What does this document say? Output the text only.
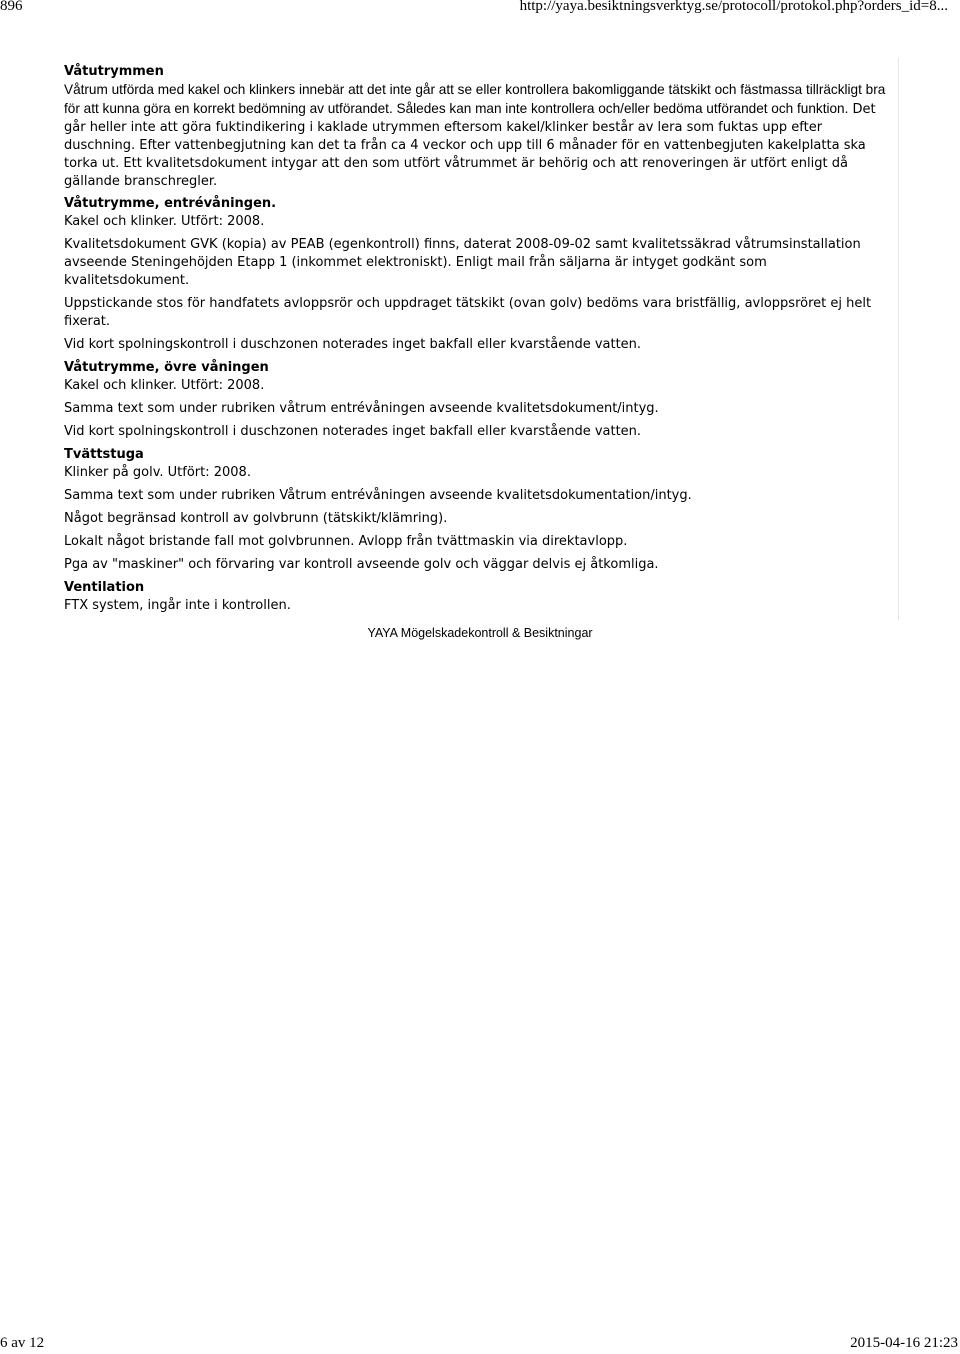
896	http://yaya.besiktningsverktyg.se/protocoll/protokol.php?orders_id=8...
Våtutrymmen
Våtrum utförda med kakel och klinkers innebär att det inte går att se eller kontrollera bakomliggande tätskikt och fästmassa tillräckligt bra för att kunna göra en korrekt bedömning av utförandet. Således kan man inte kontrollera och/eller bedöma utförandet och funktion. Det går heller inte att göra fuktindikering i kaklade utrymmen eftersom kakel/klinker består av lera som fuktas upp efter duschning. Efter vattenbegjutning kan det ta från ca 4 veckor och upp till 6 månader för en vattenbegjuten kakelplatta ska torka ut. Ett kvalitetsdokument intygar att den som utfört våtrummet är behörig och att renoveringen är utfört enligt då gällande branschregler.
Våtutrymme, entrévåningen.

Kakel och klinker. Utfört: 2008.

Kvalitetsdokument GVK (kopia) av PEAB (egenkontroll) finns, daterat 2008-09-02 samt kvalitetssäkrad våtrumsinstallation avseende Steningehöjden Etapp 1 (inkommet elektroniskt). Enligt mail från säljarna är intyget godkänt som kvalitetsdokument.

Uppstickande stos för handfatets avloppsrör och uppdraget tätskikt (ovan golv) bedöms vara bristfällig, avloppsröret ej helt fixerat.

Vid kort spolningskontroll i duschzonen noterades inget bakfall eller kvarstående vatten.

Våtutrymme, övre våningen

Kakel och klinker. Utfört: 2008.

Samma text som under rubriken våtrum entrévåningen avseende kvalitetsdokument/intyg.

Vid kort spolningskontroll i duschzonen noterades inget bakfall eller kvarstående vatten.

Tvättstuga

Klinker på golv. Utfört: 2008.

Samma text som under rubriken Våtrum entrévåningen avseende kvalitetsdokumentation/intyg.

Något begränsad kontroll av golvbrunn (tätskikt/klämring).

Lokalt något bristande fall mot golvbrunnen. Avlopp från tvättmaskin via direktavlopp.

Pga av "maskiner" och förvaring var kontroll avseende golv och väggar delvis ej åtkomliga.

Ventilation
FTX system, ingår inte i kontrollen.
YAYA Mögelskadekontroll & Besiktningar
6 av 12	2015-04-16 21:23
